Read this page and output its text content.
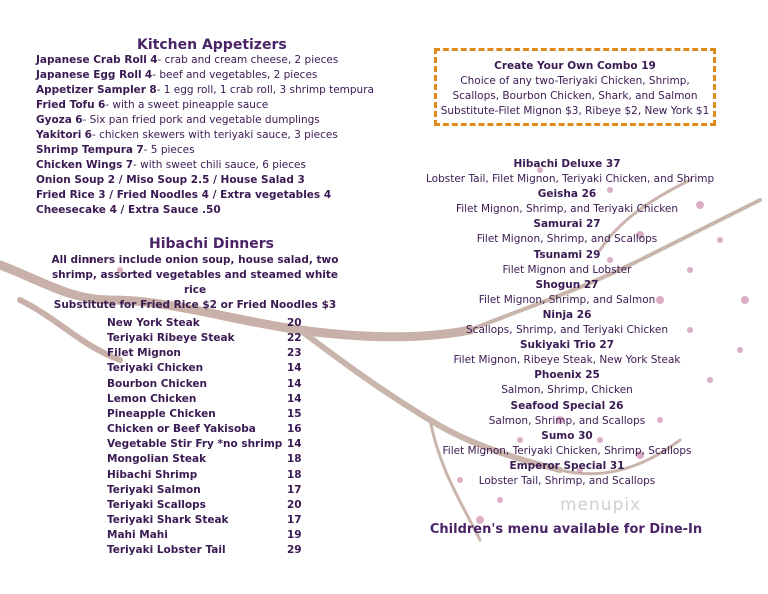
Kitchen Appetizers
Japanese Crab Roll 4- crab and cream cheese, 2 pieces
Japanese Egg Roll 4- beef and vegetables, 2 pieces
Appetizer Sampler 8- 1 egg roll, 1 crab roll, 3 shrimp tempura
Fried Tofu 6- with a sweet pineapple sauce
Gyoza 6- Six pan fried pork and vegetable dumplings
Yakitori 6- chicken skewers with teriyaki sauce, 3 pieces
Shrimp Tempura 7- 5 pieces
Chicken Wings 7- with sweet chili sauce, 6 pieces
Onion Soup 2 / Miso Soup 2.5 / House Salad 3
Fried Rice 3 / Fried Noodles 4 / Extra vegetables 4
Cheesecake 4 / Extra Sauce .50
Hibachi Dinners
All dinners include onion soup, house salad, two
shrimp, assorted vegetables and steamed white rice
Substitute for Fried Rice $2 or Fried Noodles $3
New York Steak	20
Teriyaki Ribeye Steak	22
Filet Mignon	23
Teriyaki Chicken	14
Bourbon Chicken	14
Lemon Chicken	14
Pineapple Chicken	15
Chicken or Beef Yakisoba	16
Vegetable Stir Fry *no shrimp 14
Mongolian Steak	18
Hibachi Shrimp	18
Teriyaki Salmon	17
Teriyaki Scallops	20
Teriyaki Shark Steak	17
Mahi Mahi	19
Teriyaki Lobster Tail	29
Create Your Own Combo 19
Choice of any two-Teriyaki Chicken, Shrimp,
Scallops, Bourbon Chicken, Shark, and Salmon
Substitute-Filet Mignon $3, Ribeye $2, New York $1
Hibachi Deluxe 37
Lobster Tail, Filet Mignon, Teriyaki Chicken, and Shrimp
Geisha 26
Filet Mignon, Shrimp, and Teriyaki Chicken
Samurai 27
Filet Mignon, Shrimp, and Scallops
Tsunami 29
Filet Mignon and Lobster
Shogun 27
Filet Mignon, Shrimp, and Salmon
Ninja 26
Scallops, Shrimp, and Teriyaki Chicken
Sukiyaki Trio 27
Filet Mignon, Ribeye Steak, New York Steak
Phoenix 25
Salmon, Shrimp, Chicken
Seafood Special 26
Salmon, Shrimp, and Scallops
Sumo 30
Filet Mignon, Teriyaki Chicken, Shrimp, Scallops
Emperor Special 31
Lobster Tail, Shrimp, and Scallops
menupix
Children's menu available for Dine-In
